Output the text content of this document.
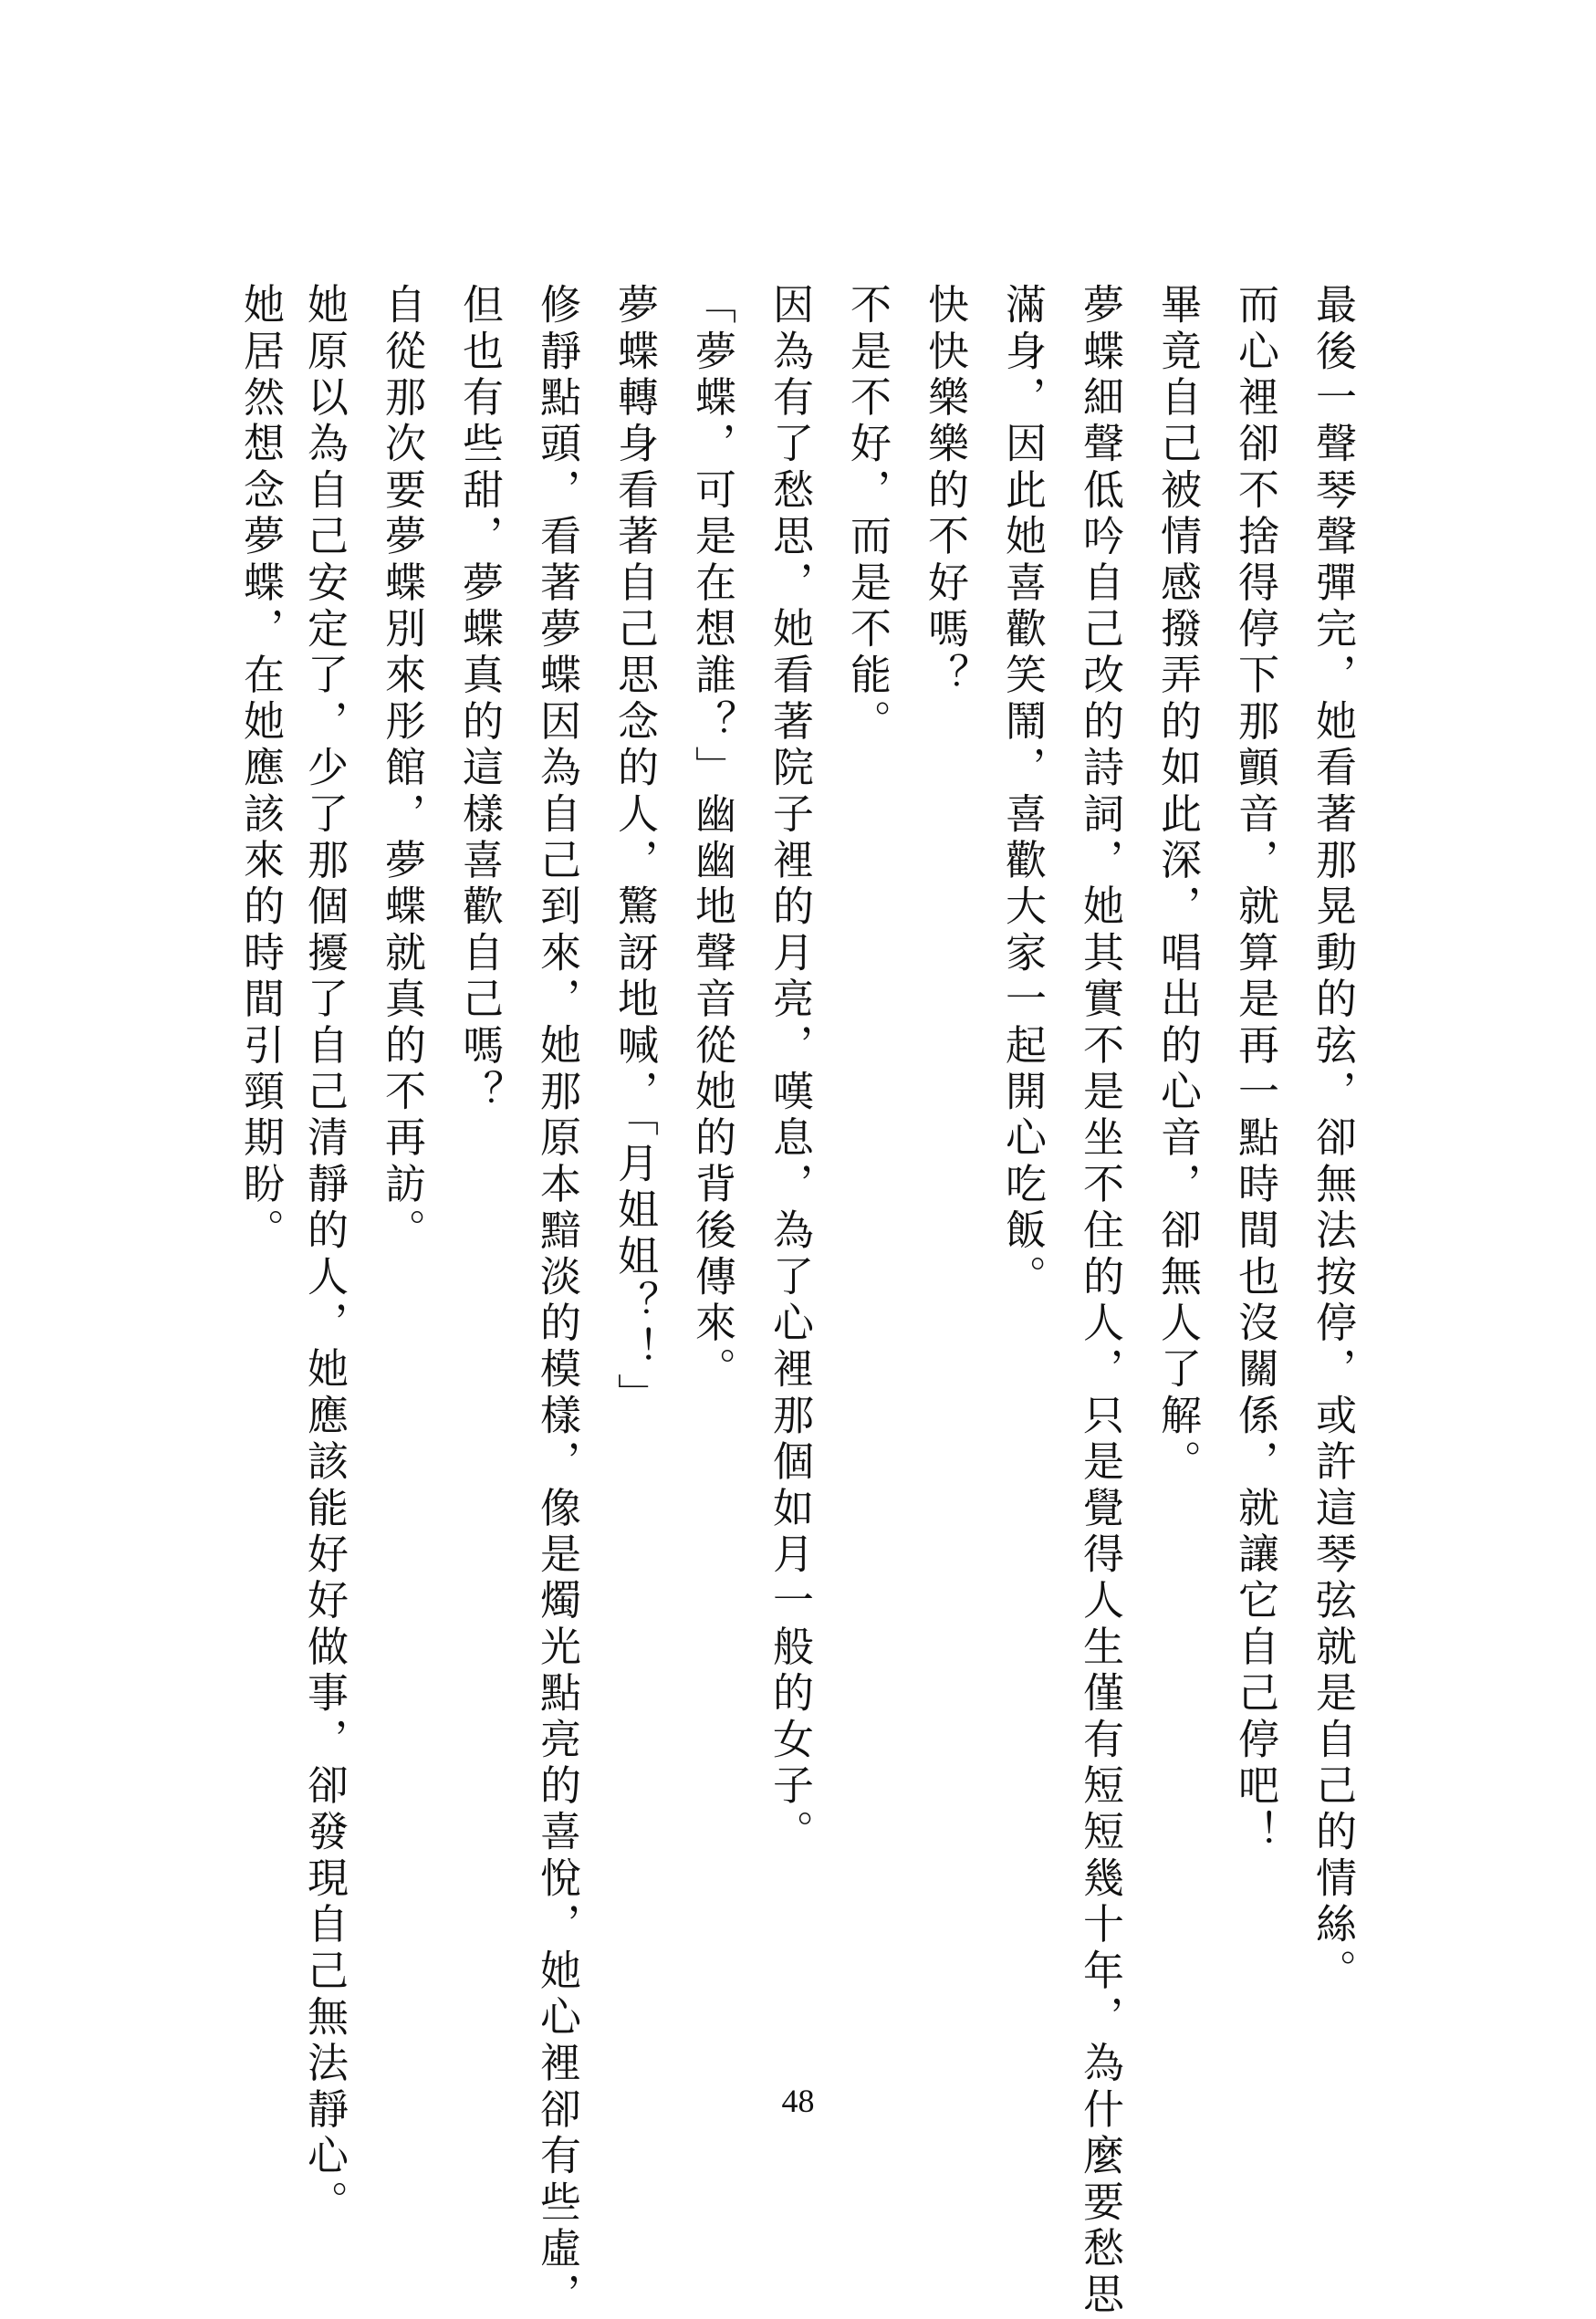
最後一聲琴聲彈完，她看著那晃動的弦，卻無法按停，或許這琴弦就是自己的情絲。
而心裡卻不捨得停下那顫音，就算是再一點時間也沒關係，就讓它自己停吧！
畢竟自己被情感撥弄的如此深，唱出的心音，卻無人了解。
夢蝶細聲低吟自己改的詩詞，她其實不是坐不住的人，只是覺得人生僅有短短幾十年，為什麼要愁思
滿身，因此她喜歡笑鬧，喜歡大家一起開心吃飯。
快快樂樂的不好嗎？
不是不好，而是不能。
因為有了愁思，她看著院子裡的月亮，嘆息，為了心裡那個如月一般的女子。
「夢蝶，可是在想誰？」幽幽地聲音從她的背後傳來。
夢蝶轉身看著自己思念的人，驚訝地喊，「月姐姐？！」
修靜點頭，看著夢蝶因為自己到來，她那原本黯淡的模樣，像是燭光點亮的喜悅，她心裡卻有些虛，
但也有些甜，夢蝶真的這樣喜歡自己嗎？
自從那次要夢蝶別來彤館，夢蝶就真的不再訪。
她原以為自己安定了，少了那個擾了自己清靜的人，她應該能好好做事，卻發現自己無法靜心。
她居然想念夢蝶，在她應該來的時間引頸期盼。
48
